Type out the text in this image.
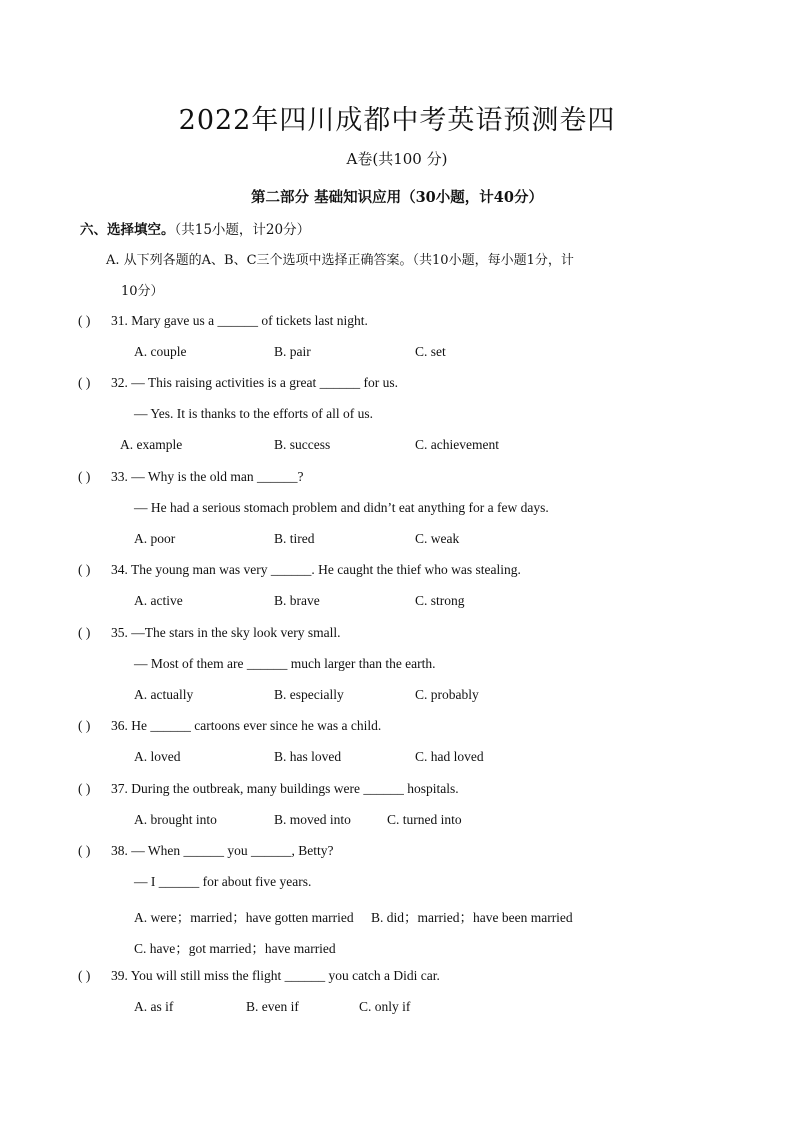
2022年四川成都中考英语预测卷四
A卷(共100 分)
第二部分 基础知识应用（30小题，计40分）
六、选择填空。（共15小题，计20分）
A. 从下列各题的A、B、C三个选项中选择正确答案。（共10小题，每小题1分，计
10分）
( ) 31. Mary gave us a ______ of tickets last night.
A. couple	B. pair	C. set
( ) 32. — This raising activities is a great ______ for us.
— Yes. It is thanks to the efforts of all of us.
A. example	B. success	C. achievement
( ) 33. — Why is the old man ______?
— He had a serious stomach problem and didn’t eat anything for a few days.
A. poor	B. tired	C. weak
( ) 34. The young man was very ______. He caught the thief who was stealing.
A. active	B. brave	C. strong
( ) 35. —The stars in the sky look very small.
— Most of them are ______ much larger than the earth.
A. actually	B. especially	C. probably
( ) 36. He ______ cartoons ever since he was a child.
A. loved	B. has loved	C. had loved
( ) 37. During the outbreak, many buildings were ______ hospitals.
A. brought into	B. moved into	C. turned into
( ) 38. — When ______ you ______, Betty?
— I ______ for about five years.
A. were；married；have gotten married B. did；married；have been married
C. have；got married；have married
( ) 39. You will still miss the flight ______ you catch a Didi car.
A. as if	B. even if	C. only if
